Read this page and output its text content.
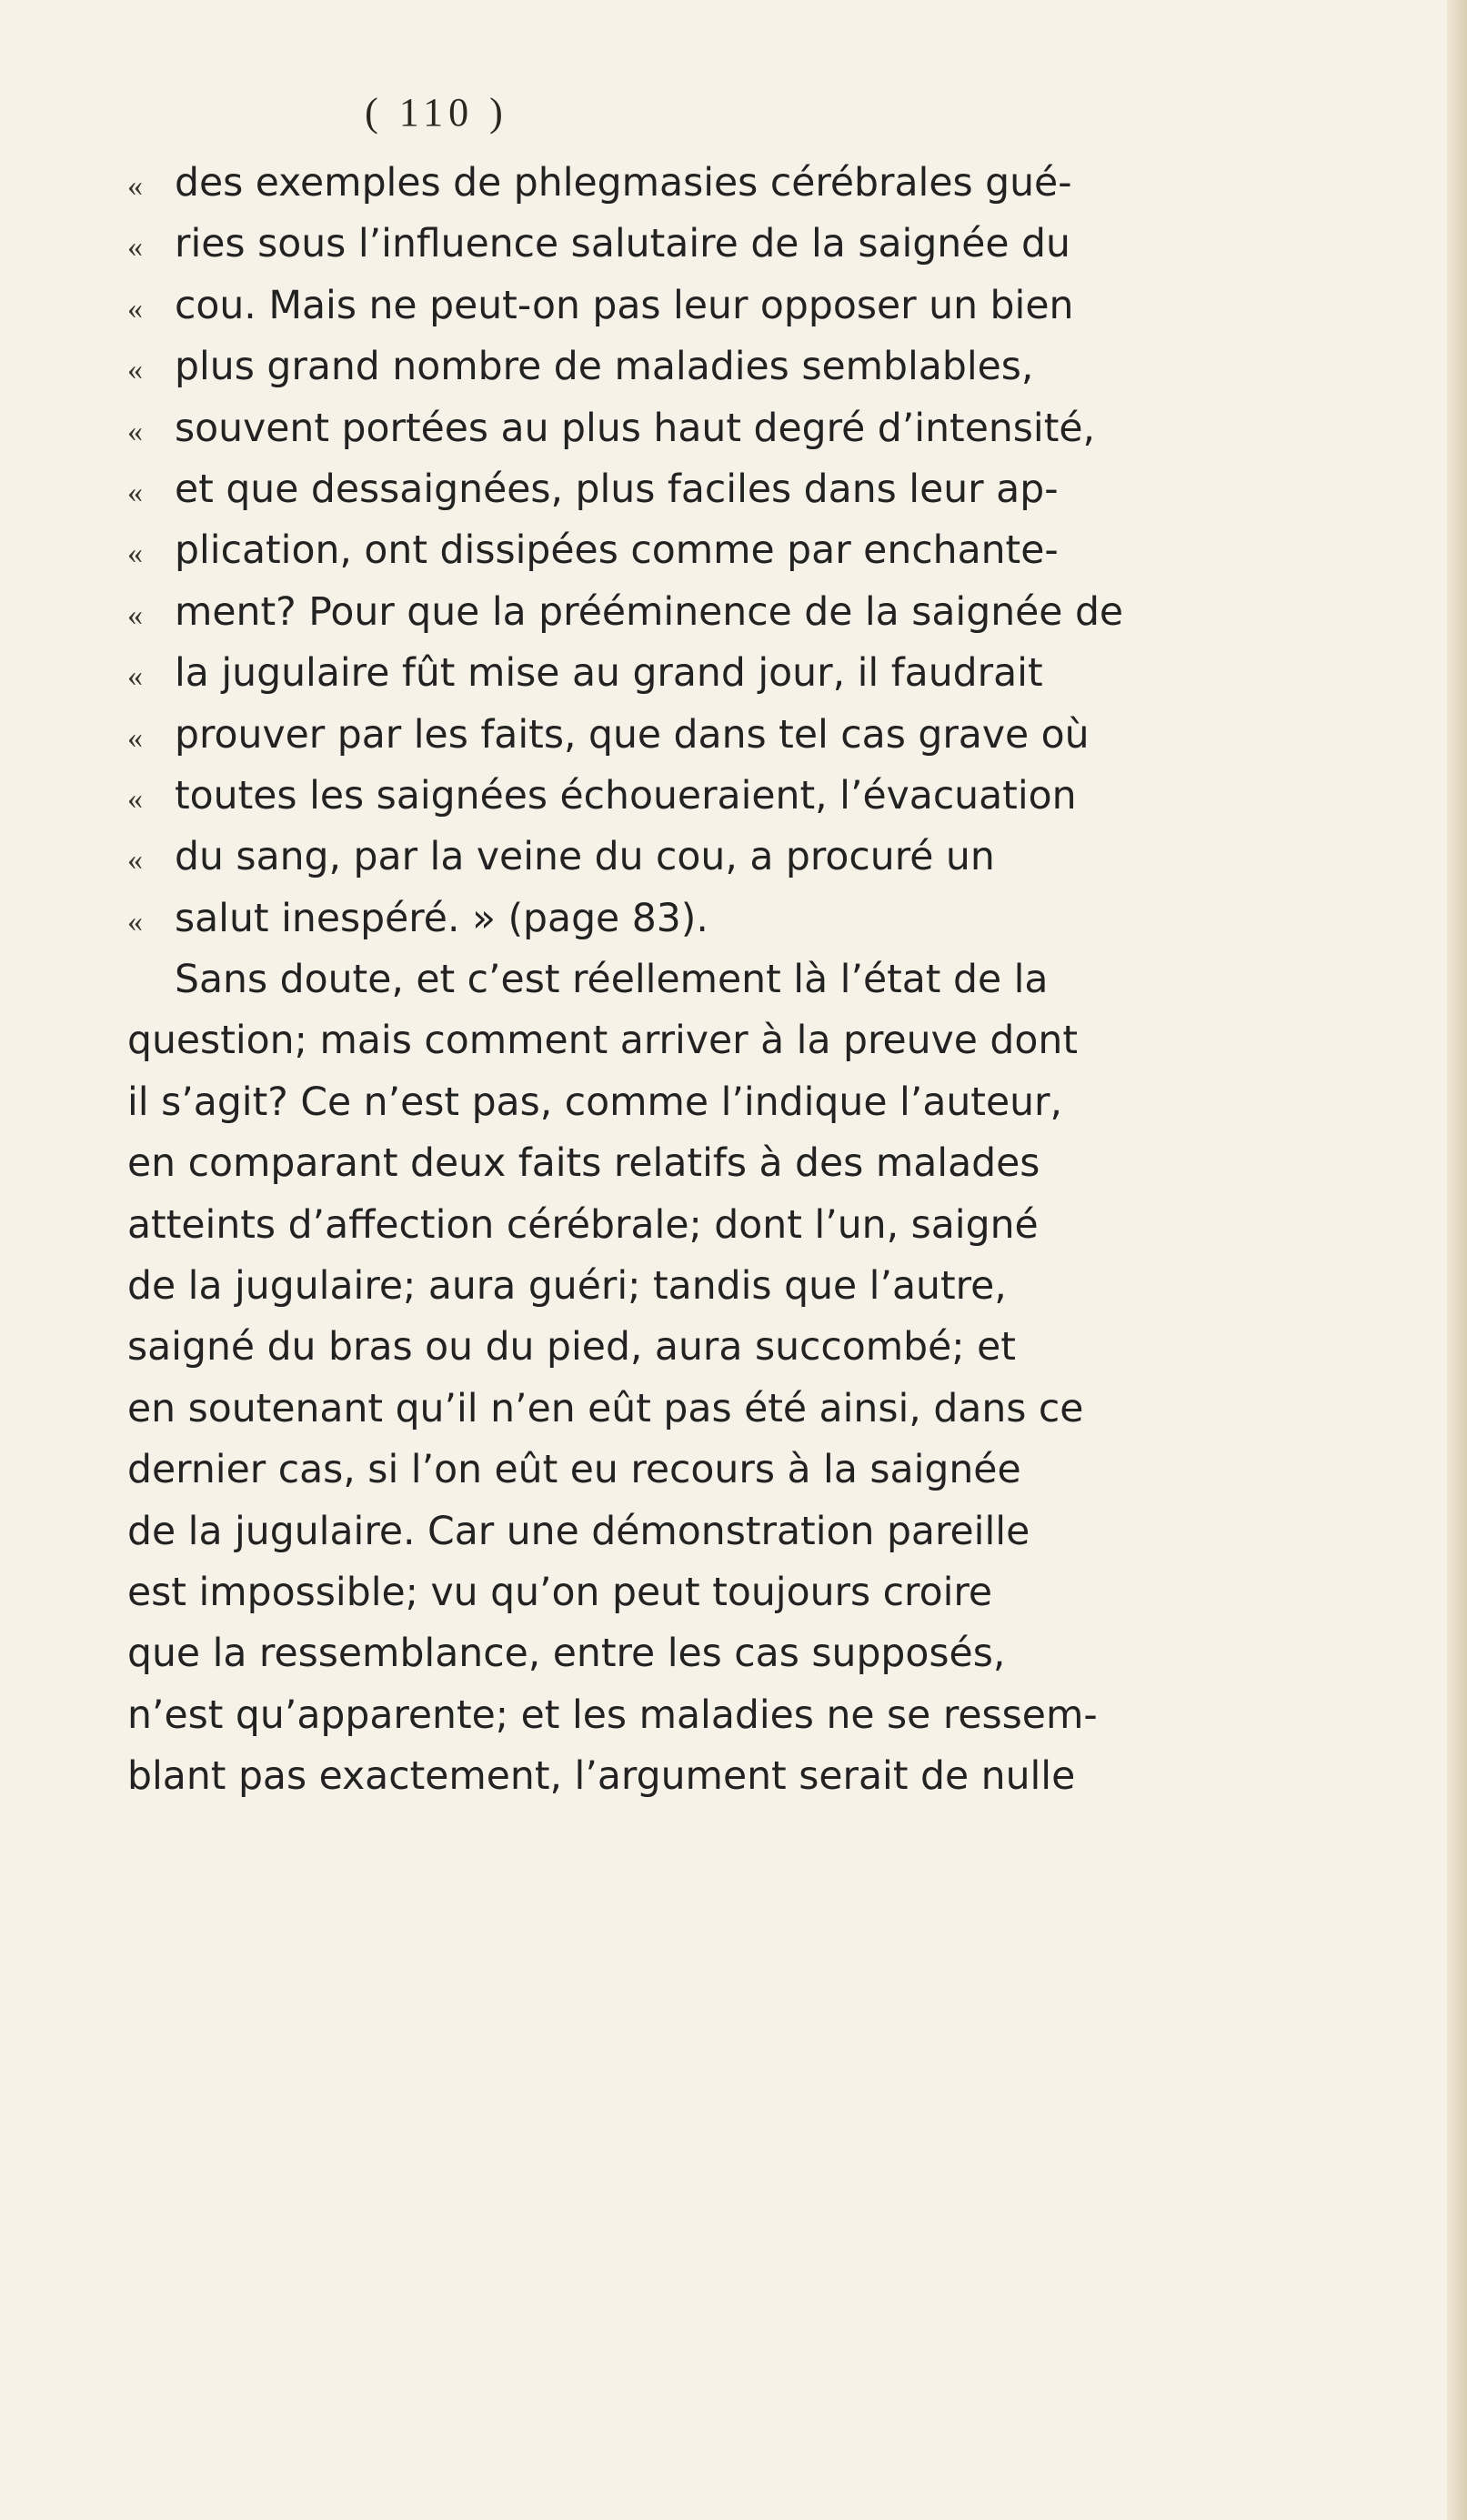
( 110 )
« des exemples de phlegmasies cérébrales gué-
« ries sous l’influence salutaire de la saignée du
« cou. Mais ne peut-on pas leur opposer un bien
« plus grand nombre de maladies semblables,
« souvent portées au plus haut degré d’intensité,
« et que dessaignées, plus faciles dans leur ap-
« plication, ont dissipées comme par enchante-
« ment? Pour que la prééminence de la saignée de
« la jugulaire fût mise au grand jour, il faudrait
« prouver par les faits, que dans tel cas grave où
« toutes les saignées échoueraient, l’évacuation
« du sang, par la veine du cou, a procuré un
« salut inespéré. » (page 83).
Sans doute, et c’est réellement là l’état de la
question; mais comment arriver à la preuve dont
il s’agit? Ce n’est pas, comme l’indique l’auteur,
en comparant deux faits relatifs à des malades
atteints d’affection cérébrale; dont l’un, saigné
de la jugulaire; aura guéri; tandis que l’autre,
saigné du bras ou du pied, aura succombé; et
en soutenant qu’il n’en eût pas été ainsi, dans ce
dernier cas, si l’on eût eu recours à la saignée
de la jugulaire. Car une démonstration pareille
est impossible; vu qu’on peut toujours croire
que la ressemblance, entre les cas supposés,
n’est qu’apparente; et les maladies ne se ressem-
blant pas exactement, l’argument serait de nulle
